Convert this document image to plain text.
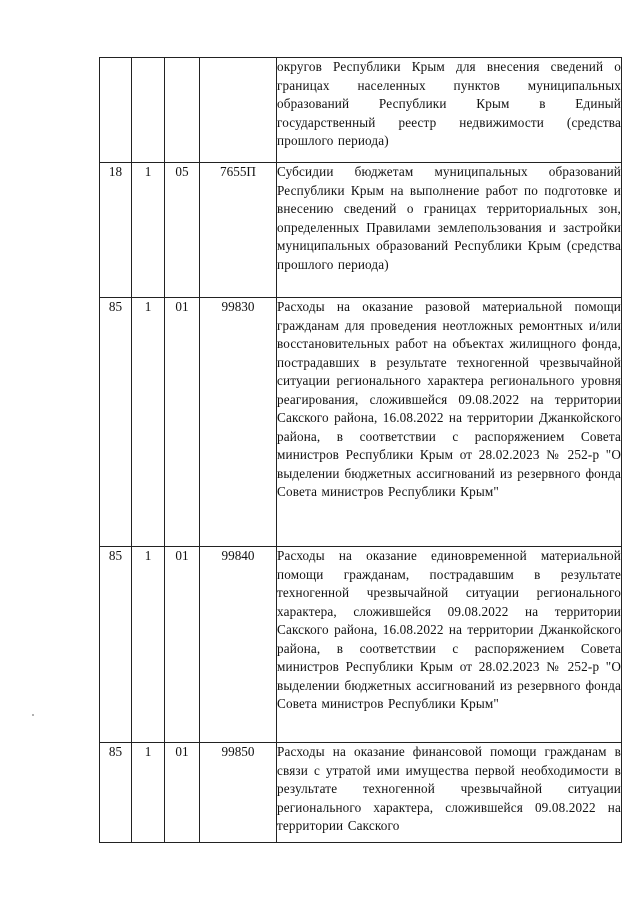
				округов Республики Крым для внесения сведений о границах населенных пунктов муниципальных образований Республики Крым в Единый государственный реестр недвижимости (средства прошлого периода)
18	1	05	7655П	Субсидии бюджетам муниципальных образований Республики Крым на выполнение работ по подготовке и внесению сведений о границах территориальных зон, определенных Правилами землепользования и застройки муниципальных образований Республики Крым (средства прошлого периода)
85	1	01	99830	Расходы на оказание разовой материальной помощи гражданам для проведения неотложных ремонтных и/или восстановительных работ на объектах жилищного фонда, пострадавших в результате техногенной чрезвычайной ситуации регионального характера регионального уровня реагирования, сложившейся 09.08.2022 на территории Сакского района, 16.08.2022 на территории Джанкойского района, в соответствии с распоряжением Совета министров Республики Крым от 28.02.2023 № 252-р "О выделении бюджетных ассигнований из резервного фонда Совета министров Республики Крым"
85	1	01	99840	Расходы на оказание единовременной материальной помощи гражданам, пострадавшим в результате техногенной чрезвычайной ситуации регионального характера, сложившейся 09.08.2022 на территории Сакского района, 16.08.2022 на территории Джанкойского района, в соответствии с распоряжением Совета министров Республики Крым от 28.02.2023 № 252-р "О выделении бюджетных ассигнований из резервного фонда Совета министров Республики Крым"
85	1	01	99850	Расходы на оказание финансовой помощи гражданам в связи с утратой ими имущества первой необходимости в результате техногенной чрезвычайной ситуации регионального характера, сложившейся 09.08.2022 на территории Сакского
